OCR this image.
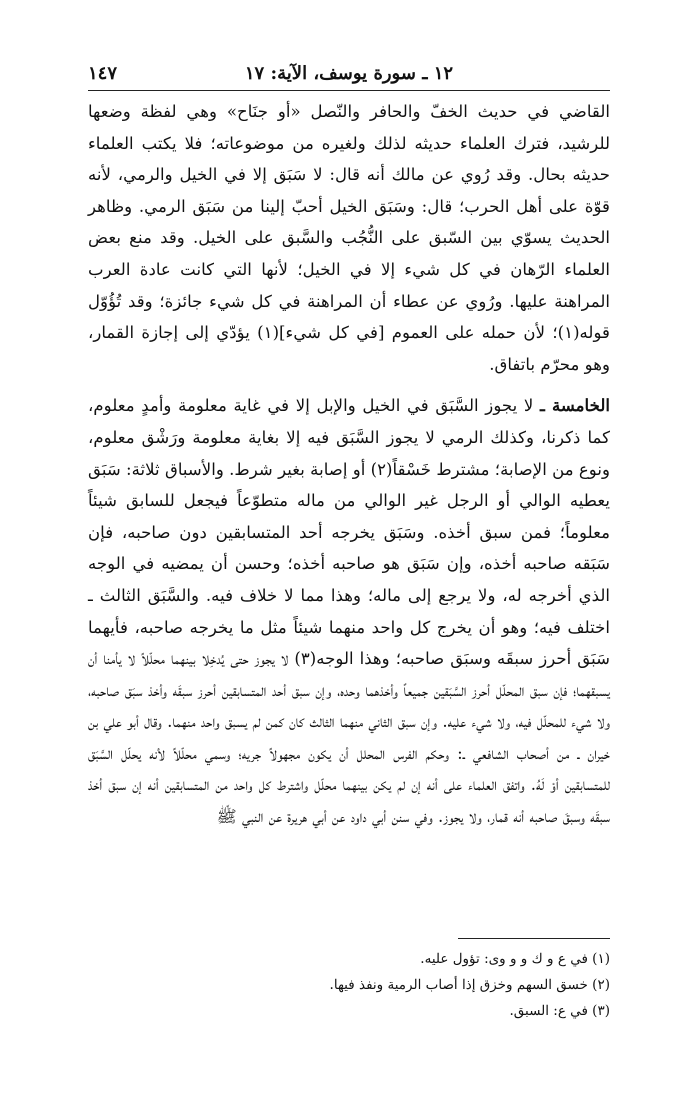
١٢ ـ سورة يوسف، الآية: ١٧
١٤٧

القاضي في حديث الخفّ والحافر والنّصل «أو جنَاح» وهي لفظة وضعها للرشيد، فترك العلماء حديثه لذلك ولغيره من موضوعاته؛ فلا يكتب العلماء حديثه بحال. وقد رُوي عن مالك أنه قال: لا سَبَق إلا في الخيل والرمي، لأنه قوّة على أهل الحرب؛ قال: وسَبَق الخيل أحبّ إلينا من سَبَق الرمي. وظاهر الحديث يسوّي بين السّبق على النُّجُب والسَّبق على الخيل. وقد منع بعض العلماء الرّهان في كل شيء إلا في الخيل؛ لأنها التي كانت عادة العرب المراهنة عليها. ورُوي عن عطاء أن المراهنة في كل شيء جائزة؛ وقد تُؤُوّل قوله(١)؛ لأن حمله على العموم [في كل شيء](١) يؤدّي إلى إجازة القمار، وهو محرّم باتفاق.

الخامسة ـ لا يجوز السَّبَق في الخيل والإبل إلا في غاية معلومة وأمدٍ معلوم، كما ذكرنا، وكذلك الرمي لا يجوز السَّبَق فيه إلا بغاية معلومة ورَشْق معلوم، ونوع من الإصابة؛ مشترط خَسْقاً(٢) أو إصابة بغير شرط. والأسباق ثلاثة: سَبَق يعطيه الوالي أو الرجل غير الوالي من ماله متطوّعاً فيجعل للسابق شيئاً معلوماً؛ فمن سبق أخذه. وسَبَق يخرجه أحد المتسابقين دون صاحبه، فإن سَبَقه صاحبه أخذه، وإن سَبَق هو صاحبه أخذه؛ وحسن أن يمضيه في الوجه الذي أخرجه له، ولا يرجع إلى ماله؛ وهذا مما لا خلاف فيه. والسَّبَق الثالث ـ اختلف فيه؛ وهو أن يخرج كل واحد منهما شيئاً مثل ما يخرجه صاحبه، فأيهما سَبَق أحرز سبقَه وسبَق صاحبه؛ وهذا الوجه(٣) لا يجوز حتى يُدخِلا بينهما محلّلاً لا يأمنا أن يسبقهما؛ فإن سبق المحلّل أحرز السَّبَقين جميعاً وأخذهما وحده، وإن سبق أحد المتسابقين أحرز سبقَه وأخذ سبَق صاحبه، ولا شيء للمحلّل فيه، ولا شيء عليه. وإن سبق الثاني منهما الثالث كان كمن لم يسبق واحد منهما. وقال أبو علي بن خيران ـ من أصحاب الشافعي ـ: وحكم الفرس المحلل أن يكون مجهولاً جريه؛ وسمي محلّلاً لأنه يحلّل السَّبَق للمتسابقين أوْ لَهُ. واتفق العلماء على أنه إن لم يكن بينهما محلّل واشترط كل واحد من المتسابقين أنه إن سبق أخذ سبقَه وسبقَ صاحبه أنه قمار، ولا يجوز. وفي سنن أبي داود عن أبي هريرة عن النبي ﷺ

(١) في ع و ك و و وى: تؤول عليه.
(٢) خسق السهم وخزق إذا أصاب الرمية ونفذ فيها.
(٣) في ع: السبق.
